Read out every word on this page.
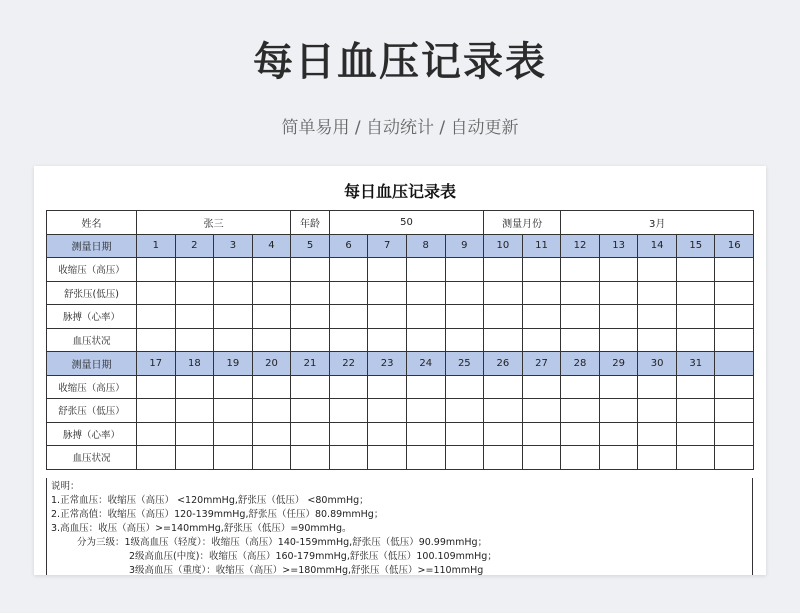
每日血压记录表
简单易用 / 自动统计 / 自动更新
每日血压记录表
姓名	张三				年龄	50				测量月份		3月				
测量日期	1	2	3	4	5	6	7	8	9	10	11	12	13	14	15	16
收缩压（高压）																
舒张压(低压)																
脉搏（心率）																
血压状况																
测量日期	17	18	19	20	21	22	23	24	25	26	27	28	29	30	31	
收缩压（高压）																
舒张压（低压）																
脉搏（心率）																
血压状况																
说明：
1.正常血压：收缩压（高压） <120mmHg,舒张压（低压） <80mmHg；
2.正常高值：收缩压（高压）120-139mmHg,舒张压（任压）80.89mmHg；
3.高血压：收压（高压）>=140mmHg,舒张压（低压）=90mmHg。
分为三级：1级高血压（轻度）：收缩压（高压）140-159mmHg,舒张压（低压）90.99mmHg；
2级高血压(中度)：收缩压（高压）160-179mmHg,舒张压（低压）100.109mmHg；
3级高血压（重度）：收缩压（高压）>=180mmHg,舒张压（低压）>=110mmHg
